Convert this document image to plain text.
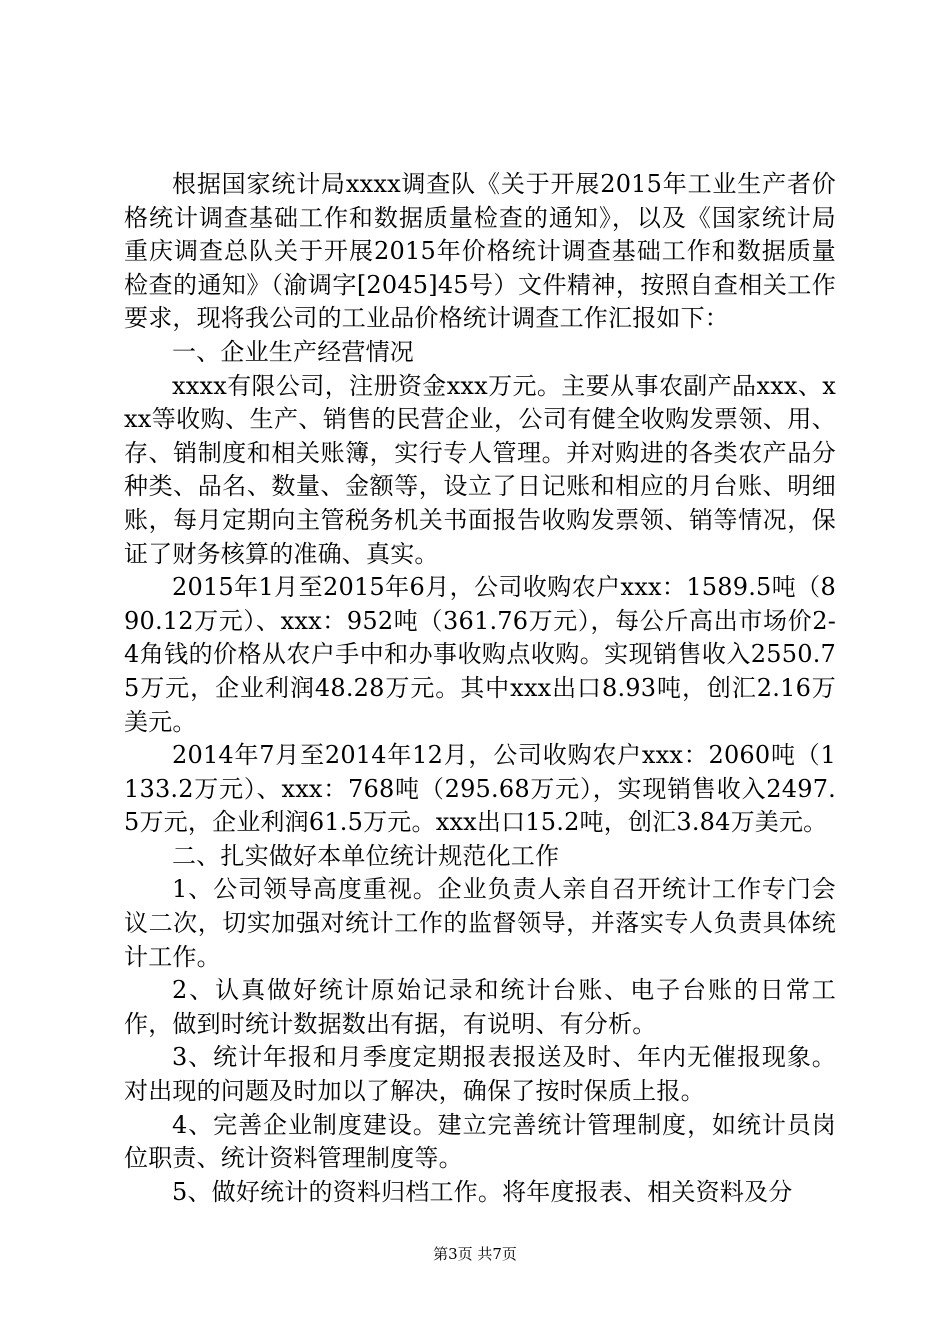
根据国家统计局xxxx调查队《关于开展2015年工业生产者价格统计调查基础工作和数据质量检查的通知》，以及《国家统计局重庆调查总队关于开展2015年价格统计调查基础工作和数据质量检查的通知》（渝调字[2045]45号）文件精神，按照自查相关工作要求，现将我公司的工业品价格统计调查工作汇报如下：

一、企业生产经营情况

xxxx有限公司，注册资金xxx万元。主要从事农副产品xxx、xxx等收购、生产、销售的民营企业，公司有健全收购发票领、用、存、销制度和相关账簿，实行专人管理。并对购进的各类农产品分种类、品名、数量、金额等，设立了日记账和相应的月台账、明细账，每月定期向主管税务机关书面报告收购发票领、销等情况，保证了财务核算的准确、真实。

2015年1月至2015年6月，公司收购农户xxx：1589.5吨（890.12万元）、xxx：952吨（361.76万元），每公斤高出市场价2-4角钱的价格从农户手中和办事收购点收购。实现销售收入2550.75万元，企业利润48.28万元。其中xxx出口8.93吨，创汇2.16万美元。

2014年7月至2014年12月，公司收购农户xxx：2060吨（1133.2万元）、xxx：768吨（295.68万元），实现销售收入2497.5万元，企业利润61.5万元。xxx出口15.2吨，创汇3.84万美元。

二、扎实做好本单位统计规范化工作

1、公司领导高度重视。企业负责人亲自召开统计工作专门会议二次，切实加强对统计工作的监督领导，并落实专人负责具体统计工作。

2、认真做好统计原始记录和统计台账、电子台账的日常工作，做到时统计数据数出有据，有说明、有分析。

3、统计年报和月季度定期报表报送及时、年内无催报现象。对出现的问题及时加以了解决，确保了按时保质上报。

4、完善企业制度建设。建立完善统计管理制度，如统计员岗位职责、统计资料管理制度等。

5、做好统计的资料归档工作。将年度报表、相关资料及分

第3页 共7页
